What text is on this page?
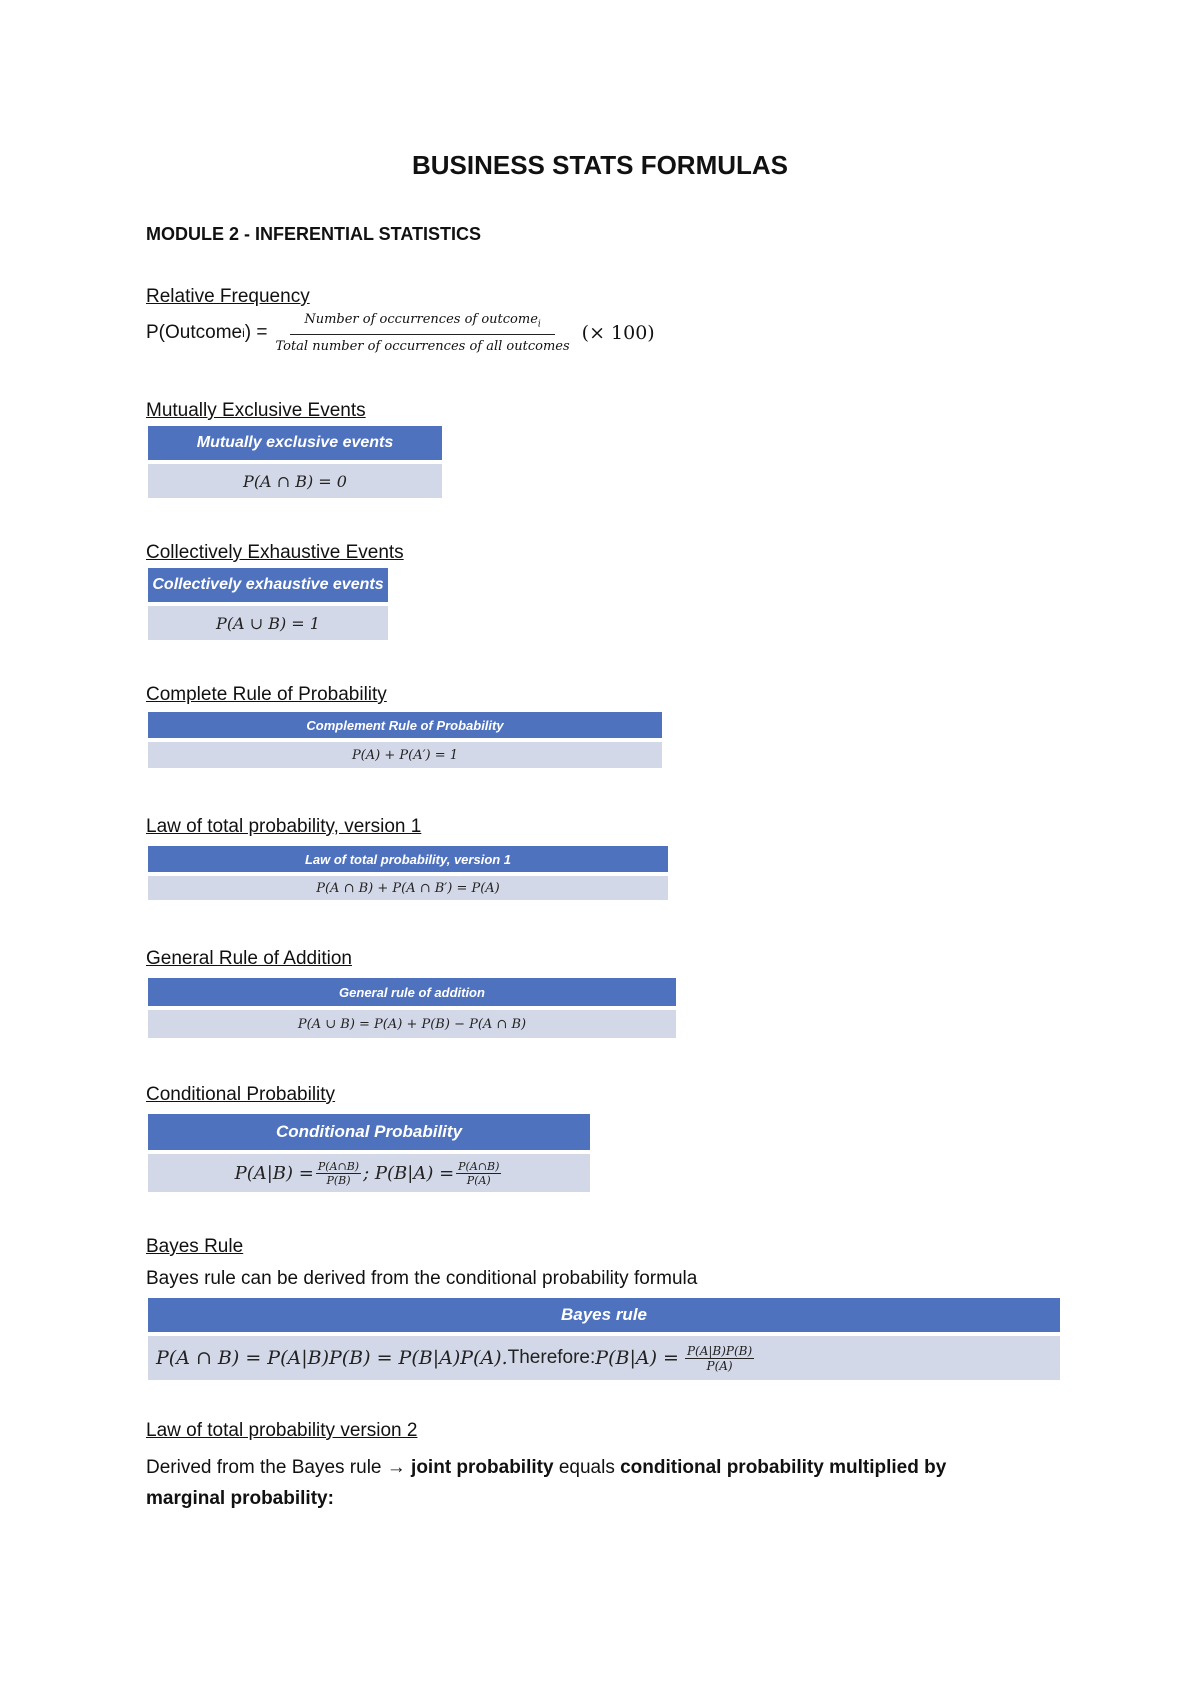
BUSINESS STATS FORMULAS
MODULE 2 - INFERENTIAL STATISTICS
Relative Frequency
P(Outcome i ) = $\frac{Number of occurrences of outcome_i}{\text{Total number of occurrences of all outcomes}}$ (× 100)
Mutually Exclusive Events
Mutually exclusive events
P(A ∩ B) = 0
Collectively Exhaustive Events
Collectively exhaustive events
P(A ∪ B) = 1
Complete Rule of Probability
Complement Rule of Probability
P(A) + P(A′) = 1
Law of total probability, version 1
Law of total probability, version 1
P(A ∩ B) + P(A ∩ B′) = P(A)
General Rule of Addition
General rule of addition
P(A ∪ B) = P(A) + P(B) − P(A ∩ B)
Conditional Probability
Conditional Probability
$P(A|B) = \frac{P(A\cap B)}{P(B)}$ ; $P(B|A) = \frac{P(A\cap B)}{P(A)}$
Bayes Rule
Bayes rule can be derived from the conditional probability formula
Bayes rule
P(A ∩ B) = P(A|B)P(B) = P(B|A)P(A). Therefore: $P(B|A) = \frac{P(A|B)P(B)}{P(A)}$
Law of total probability version 2
Derived from the Bayes rule → joint probability equals conditional probability multiplied by
marginal probability:
